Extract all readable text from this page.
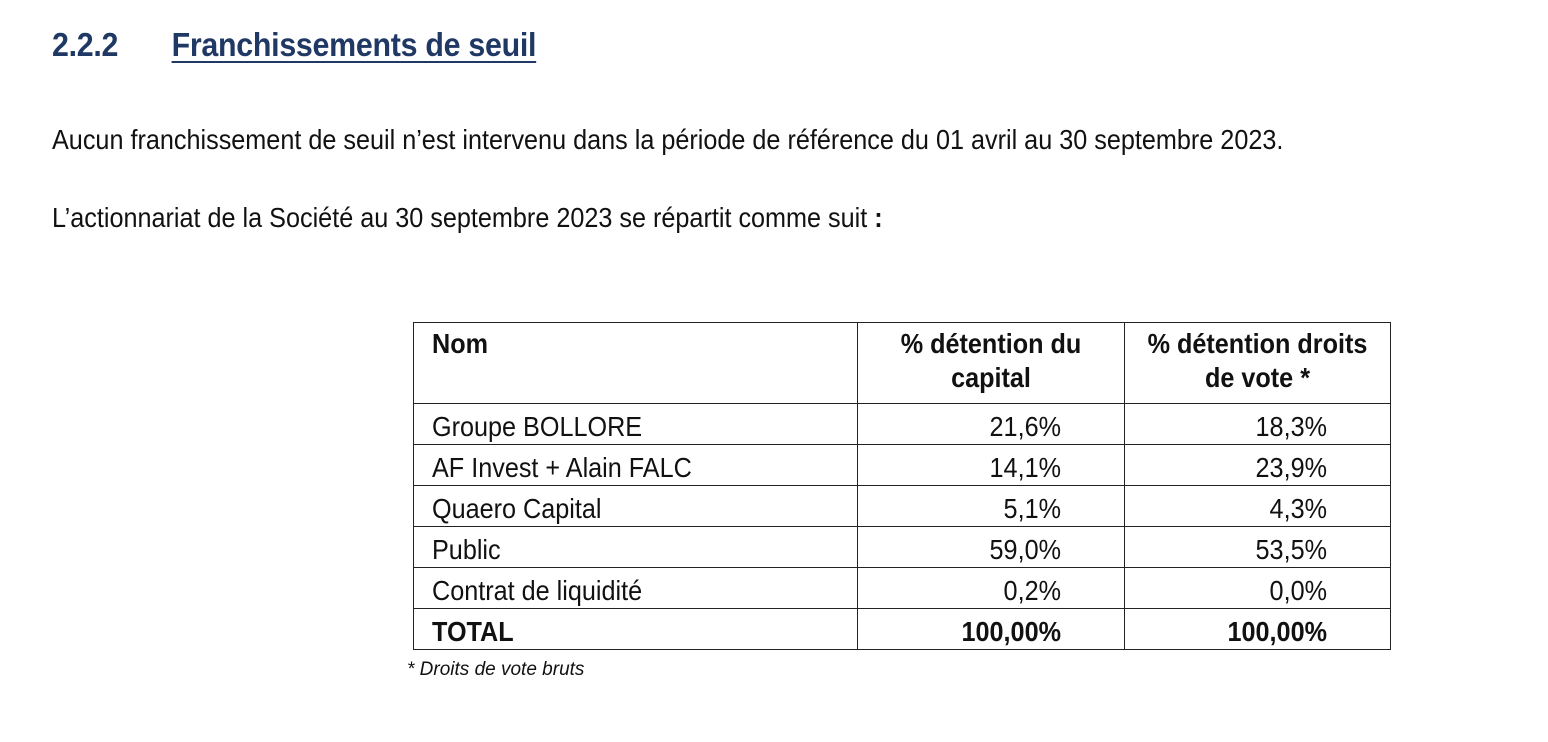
2.2.2	Franchissements de seuil
Aucun franchissement de seuil n’est intervenu dans la période de référence du 01 avril au 30 septembre 2023.
L’actionnariat de la Société au 30 septembre 2023 se répartit comme suit :
Nom	% détention du capital	% détention droits de vote *

Groupe BOLLORE	21,6%	18,3%

AF Invest + Alain FALC	14,1%	23,9%

Quaero Capital	5,1%	4,3%

Public	59,0%	53,5%

Contrat de liquidité	0,2%	0,0%

TOTAL	100,00%	100,00%
* Droits de vote bruts
